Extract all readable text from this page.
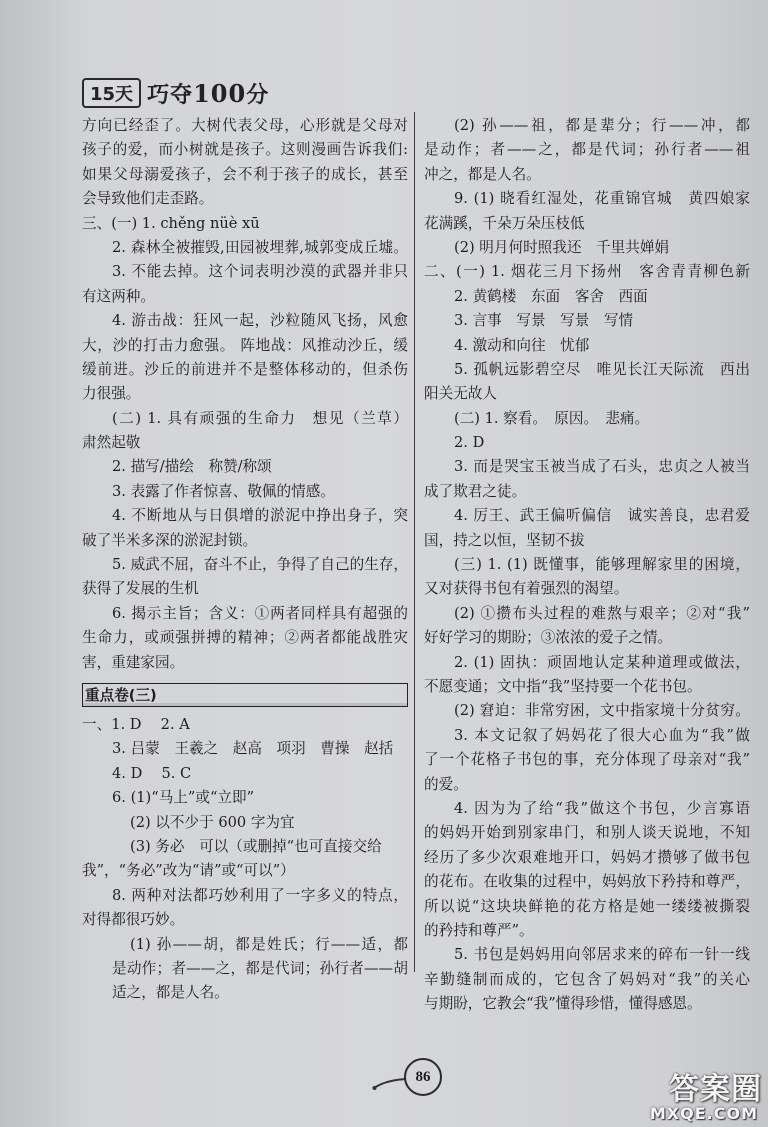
15天 巧夺100分
方向已经歪了。大树代表父母，心形就是父母对
孩子的爱，而小树就是孩子。这则漫画告诉我们:
如果父母溺爱孩子，会不利于孩子的成长，甚至
会导致他们走歪路。
三、(一) 1. chěng nüè xū
2. 森林全被摧毁,田园被埋葬,城郭变成丘墟。
3. 不能去掉。这个词表明沙漠的武器并非只
有这两种。
4. 游击战：狂风一起，沙粒随风飞扬，风愈
大，沙的打击力愈强。 阵地战：风推动沙丘，缓
缓前进。沙丘的前进并不是整体移动的，但杀伤
力很强。
(二) 1. 具有顽强的生命力　想见（兰草）
肃然起敬
2. 描写/描绘　称赞/称颂
3. 表露了作者惊喜、敬佩的情感。
4. 不断地从与日俱增的淤泥中挣出身子，突
破了半米多深的淤泥封锁。
5. 威武不屈，奋斗不止，争得了自己的生存，
获得了发展的生机
6. 揭示主旨；含义：①两者同样具有超强的
生命力，或顽强拼搏的精神；②两者都能战胜灾
害，重建家园。
重点卷(三)
一、1. D　 2. A
3. 吕蒙　王羲之　赵高　项羽　曹操　赵括
4. D　 5. C
6. (1)“马上”或“立即”
(2) 以不少于 600 字为宜
(3) 务必　可以（或删掉“也可直接交给
我”，“务必”改为“请”或“可以”）
8. 两种对法都巧妙利用了一字多义的特点，
对得都很巧妙。
(1) 孙——胡，都是姓氏；行——适，都
是动作；者——之，都是代词；孙行者——胡
适之，都是人名。
(2) 孙——祖，都是辈分；行——冲，都
是动作；者——之，都是代词；孙行者——祖
冲之，都是人名。
9. (1) 晓看红湿处，花重锦官城　黄四娘家
花满蹊，千朵万朵压枝低
(2) 明月何时照我还　千里共婵娟
二、(一) 1. 烟花三月下扬州　客舍青青柳色新
2. 黄鹤楼　东面　客舍　西面
3. 言事　写景　写景　写情
4. 激动和向往　忧郁
5. 孤帆远影碧空尽　唯见长江天际流　西出
阳关无故人
(二) 1. 察看。　原因。　悲痛。
2. D
3. 而是哭宝玉被当成了石头，忠贞之人被当
成了欺君之徒。
4. 厉王、武王偏听偏信　诚实善良，忠君爱
国，持之以恒，坚韧不拔
(三) 1. (1) 既懂事，能够理解家里的困境，
又对获得书包有着强烈的渴望。
(2) ①攒布头过程的难熬与艰辛；②对“我”
好好学习的期盼；③浓浓的爱子之情。
2. (1) 固执：顽固地认定某种道理或做法，
不愿变通；文中指“我”坚持要一个花书包。
(2) 窘迫：非常穷困，文中指家境十分贫穷。
3. 本文记叙了妈妈花了很大心血为“我”做
了一个花格子书包的事，充分体现了母亲对“我”
的爱。
4. 因为为了给“我”做这个书包，少言寡语
的妈妈开始到别家串门，和别人谈天说地，不知
经历了多少次艰难地开口，妈妈才攒够了做书包
的花布。在收集的过程中，妈妈放下矜持和尊严，
所以说“这块块鲜艳的花方格是她一缕缕被撕裂
的矜持和尊严”。
5. 书包是妈妈用向邻居求来的碎布一针一线
辛勤缝制而成的，它包含了妈妈对“我”的关心
与期盼，它教会“我”懂得珍惜，懂得感恩。
86	答案圈
MXQE.COM
